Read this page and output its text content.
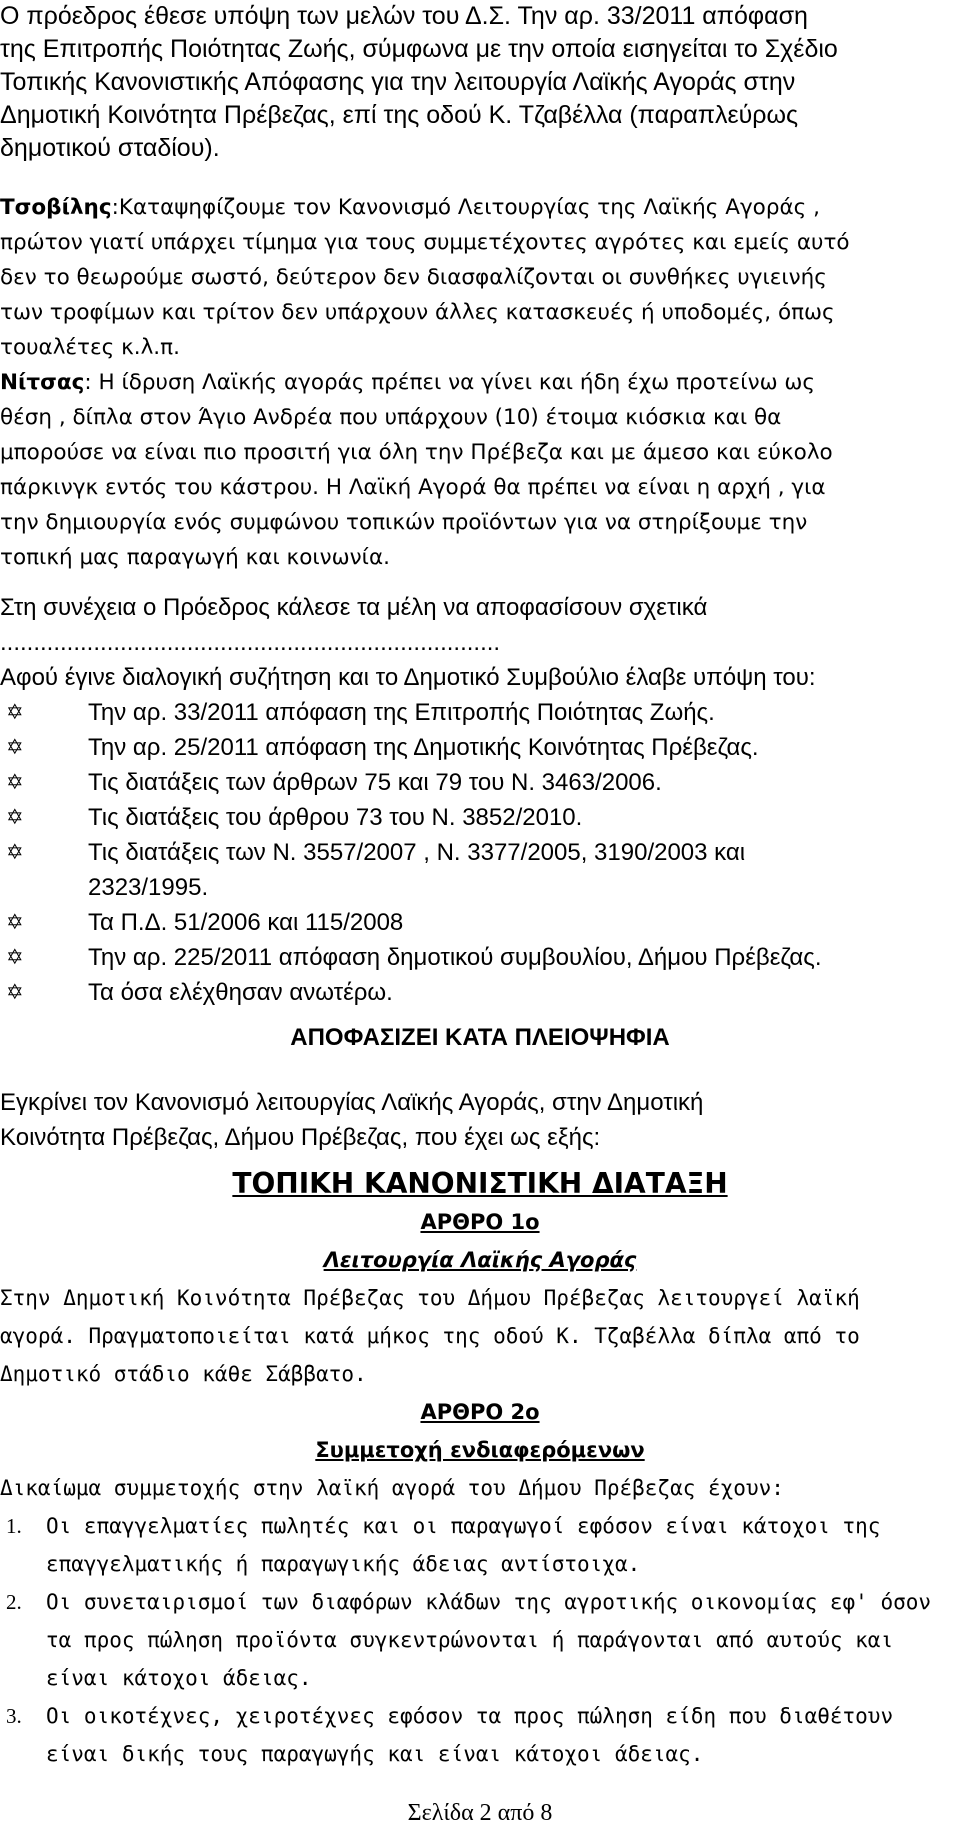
Ο πρόεδρος έθεσε υπόψη των μελών του Δ.Σ. Την αρ. 33/2011 απόφαση
της Επιτροπής Ποιότητας Ζωής, σύμφωνα με την οποία εισηγείται το Σχέδιο
Τοπικής Κανονιστικής Απόφασης για την λειτουργία Λαϊκής Αγοράς στην
Δημοτική Κοινότητα Πρέβεζας, επί της οδού Κ. Τζαβέλλα (παραπλεύρως
δημοτικού σταδίου).
Τσοβίλης:Καταψηφίζουμε τον Κανονισμό Λειτουργίας της Λαϊκής Αγοράς ,
πρώτον γιατί υπάρχει τίμημα για τους συμμετέχοντες αγρότες και εμείς αυτό
δεν το θεωρούμε σωστό, δεύτερον δεν διασφαλίζονται οι συνθήκες υγιεινής
των τροφίμων και τρίτον δεν υπάρχουν άλλες κατασκευές ή υποδομές, όπως
τουαλέτες κ.λ.π.
Νίτσας: Η ίδρυση Λαϊκής αγοράς πρέπει να γίνει και ήδη έχω προτείνω ως
θέση , δίπλα στον Άγιο Ανδρέα που υπάρχουν (10) έτοιμα κιόσκια και θα
μπορούσε να είναι πιο προσιτή για όλη την Πρέβεζα και με άμεσο και εύκολο
πάρκινγκ εντός του κάστρου. Η Λαϊκή Αγορά θα πρέπει να είναι η αρχή , για
την δημιουργία ενός συμφώνου τοπικών προϊόντων για να στηρίξουμε την
τοπική μας παραγωγή και κοινωνία.
Στη συνέχεια ο Πρόεδρος κάλεσε τα μέλη να αποφασίσουν σχετικά
...........................................................................
Αφού έγινε διαλογική συζήτηση και το Δημοτικό Συμβούλιο έλαβε υπόψη του:
✡	Την αρ. 33/2011 απόφαση της Επιτροπής Ποιότητας Ζωής.
✡	Την αρ. 25/2011 απόφαση της Δημοτικής Κοινότητας Πρέβεζας.
✡	Τις διατάξεις των άρθρων 75 και 79 του Ν. 3463/2006.
✡	Τις διατάξεις του άρθρου 73 του Ν. 3852/2010.
✡	Τις διατάξεις των Ν. 3557/2007 , Ν. 3377/2005, 3190/2003 και
2323/1995.
✡	Τα Π.Δ. 51/2006 και 115/2008
✡	Την αρ. 225/2011 απόφαση δημοτικού συμβουλίου, Δήμου Πρέβεζας.
✡	Τα όσα ελέχθησαν ανωτέρω.
ΑΠΟΦΑΣΙΖΕΙ ΚΑΤΑ ΠΛΕΙΟΨΗΦΙΑ
Εγκρίνει τον Κανονισμό λειτουργίας Λαϊκής Αγοράς, στην Δημοτική
Κοινότητα Πρέβεζας, Δήμου Πρέβεζας, που έχει ως εξής:
ΤΟΠΙΚΗ ΚΑΝΟΝΙΣΤΙΚΗ ΔΙΑΤΑΞΗ
ΑΡΘΡΟ 1ο
Λειτουργία Λαϊκής Αγοράς
Στην Δημοτική Κοινότητα Πρέβεζας του Δήμου Πρέβεζας λειτουργεί λαϊκή
αγορά. Πραγματοποιείται κατά μήκος της οδού Κ. Τζαβέλλα δίπλα από το
Δημοτικό στάδιο κάθε Σάββατο.
ΑΡΘΡΟ 2ο
Συμμετοχή ενδιαφερόμενων
Δικαίωμα συμμετοχής στην λαϊκή αγορά του Δήμου Πρέβεζας έχουν:
1. Οι επαγγελματίες πωλητές και οι παραγωγοί εφόσον είναι κάτοχοι της
επαγγελματικής ή παραγωγικής άδειας αντίστοιχα.
2. Οι συνεταιρισμοί των διαφόρων κλάδων της αγροτικής οικονομίας εφ' όσον
τα προς πώληση προϊόντα συγκεντρώνονται ή παράγονται από αυτούς και
είναι κάτοχοι άδειας.
3. Οι οικοτέχνες, χειροτέχνες εφόσον τα προς πώληση είδη που διαθέτουν
είναι δικής τους παραγωγής και είναι κάτοχοι άδειας.
Σελίδα 2 από 8
